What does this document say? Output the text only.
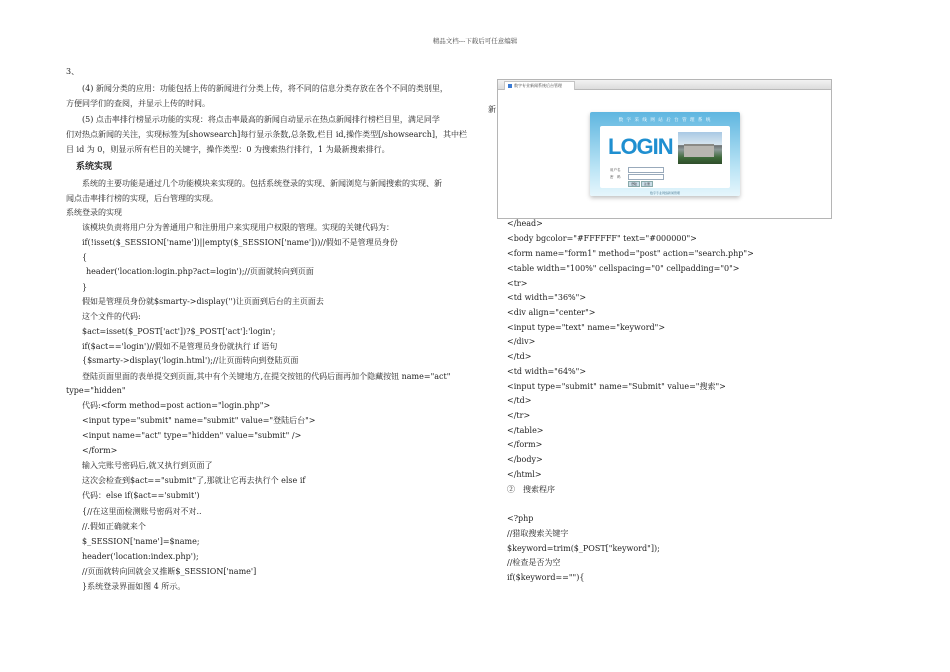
精品文档---下载后可任意编辑
3、
(4) 新闻分类的应用：功能包括上传的新闻进行分类上传，将不同的信息分类存放在各个不同的类别里，
方便同学们的查阅，并显示上传的时间。
(5) 点击率排行榜显示功能的实现：将点击率最高的新闻自动显示在热点新闻排行榜栏目里，满足同学
们对热点新闻的关注，实现标签为[showsearch]每行显示条数,总条数,栏目 id,操作类型[/showsearch]，其中栏
目 id 为 0，则显示所有栏目的关键字，操作类型：0 为搜索热行排行，1 为最新搜索排行。
系统实现
系统的主要功能是通过几个功能模块来实现的。包括系统登录的实现、新闻浏览与新闻搜索的实现、新
闻点击率排行榜的实现，后台管理的实现。
系统登录的实现
该模块负责将用户分为普通用户和注册用户来实现用户权限的管理。实现的关键代码为：
if(!isset($_SESSION['name'])||empty($_SESSION['name']))//假如不是管理员身份
{
header('location:login.php?act=login');//页面就转向到页面
}
假如是管理员身份就$smarty->display('')让页面到后台的主页面去
这个文件的代码:
$act=isset($_POST['act'])?$_POST['act']:'login';
if($act=='login')//假如不是管理员身份就执行 if 语句
{$smarty->display('login.html');//让页面转向到登陆页面
登陆页面里面的表单提交到页面,其中有个关键地方,在提交按钮的代码后面再加个隐藏按钮 name="act"
type="hidden"
代码:<form method=post action="login.php">
<input type="submit" name="submit" value="登陆后台">
<input name="act" type="hidden" value="submit" />
</form>
输入完账号密码后,就又执行到页面了
这次会检查到$act=="submit"了,那就让它再去执行个 else if
代码：else if($act=='submit')
{//在这里面检测账号密码对不对..
//.假如正确就来个
$_SESSION['name']=$name;
header('location:index.php');
//页面就转向回就会又推断$_SESSION['name']
}系统登录界面如图 4 所示。
</head>
<body bgcolor="#FFFFFF" text="#000000">
<form name="form1" method="post" action="search.php">
<table width="100%" cellspacing="0" cellpadding="0">
<tr>
<td width="36%">
<div align="center">
<input type="text" name="keyword">
</div>
</td>
<td width="64%">
<input type="submit" name="Submit" value="搜索">
</td>
</tr>
</table>
</form>
</body>
</html>
②　搜索程序
<?php
//猎取搜索关键字
$keyword=trim($_POST["keyword"]);
//检查是否为空
if($keyword==""){
新
数字专业新闻系统后台管理
数 字 采 线 网 站 后 台 管 理 系 统
LOGIN
用户名
密　码
登陆	注册
数字专业网络新闻管理
